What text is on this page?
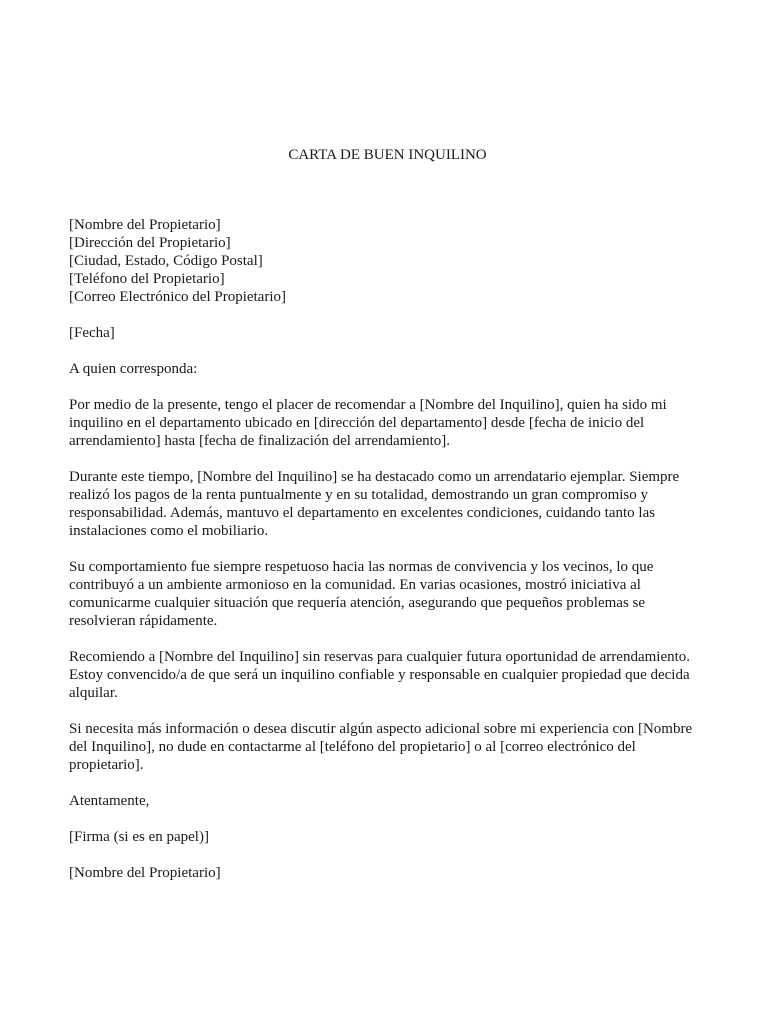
CARTA DE BUEN INQUILINO
[Nombre del Propietario]
[Dirección del Propietario]
[Ciudad, Estado, Código Postal]
[Teléfono del Propietario]
[Correo Electrónico del Propietario]

[Fecha]

A quien corresponda:

Por medio de la presente, tengo el placer de recomendar a [Nombre del Inquilino], quien ha sido mi inquilino en el departamento ubicado en [dirección del departamento] desde [fecha de inicio del arrendamiento] hasta [fecha de finalización del arrendamiento].

Durante este tiempo, [Nombre del Inquilino] se ha destacado como un arrendatario ejemplar. Siempre realizó los pagos de la renta puntualmente y en su totalidad, demostrando un gran compromiso y responsabilidad. Además, mantuvo el departamento en excelentes condiciones, cuidando tanto las instalaciones como el mobiliario.

Su comportamiento fue siempre respetuoso hacia las normas de convivencia y los vecinos, lo que contribuyó a un ambiente armonioso en la comunidad. En varias ocasiones, mostró iniciativa al comunicarme cualquier situación que requería atención, asegurando que pequeños problemas se resolvieran rápidamente.

Recomiendo a [Nombre del Inquilino] sin reservas para cualquier futura oportunidad de arrendamiento. Estoy convencido/a de que será un inquilino confiable y responsable en cualquier propiedad que decida alquilar.

Si necesita más información o desea discutir algún aspecto adicional sobre mi experiencia con [Nombre del Inquilino], no dude en contactarme al [teléfono del propietario] o al [correo electrónico del propietario].

Atentamente,

[Firma (si es en papel)]

[Nombre del Propietario]
